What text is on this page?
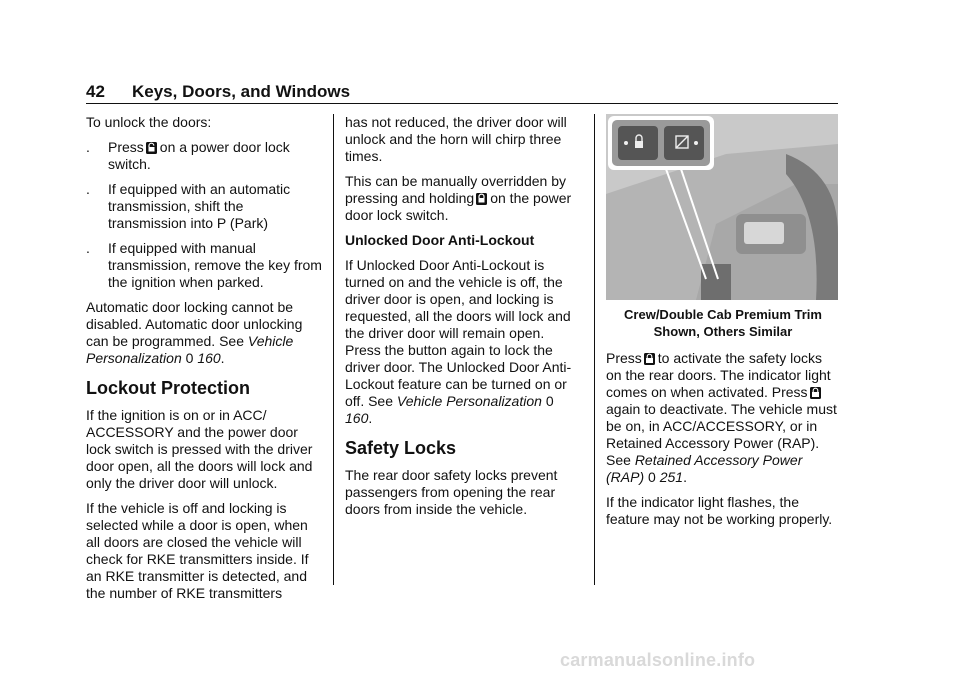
42 Keys, Doors, and Windows

To unlock the doors:

. Press on a power door lock switch.
. If equipped with an automatic transmission, shift the transmission into P (Park)
. If equipped with manual transmission, remove the key from the ignition when parked.

Automatic door locking cannot be disabled. Automatic door unlocking can be programmed. See Vehicle Personalization 0 160.

Lockout Protection

If the ignition is on or in ACC/ ACCESSORY and the power door lock switch is pressed with the driver door open, all the doors will lock and only the driver door will unlock.

If the vehicle is off and locking is selected while a door is open, when all doors are closed the vehicle will check for RKE transmitters inside. If an RKE transmitter is detected, and the number of RKE transmitters

has not reduced, the driver door will unlock and the horn will chirp three times.

This can be manually overridden by pressing and holding on the power door lock switch.

Unlocked Door Anti-Lockout

If Unlocked Door Anti-Lockout is turned on and the vehicle is off, the driver door is open, and locking is requested, all the doors will lock and the driver door will remain open. Press the button again to lock the driver door. The Unlocked Door Anti-Lockout feature can be turned on or off. See Vehicle Personalization 0 160.

Safety Locks

The rear door safety locks prevent passengers from opening the rear doors from inside the vehicle.

Crew/Double Cab Premium Trim
Shown, Others Similar

Press to activate the safety locks on the rear doors. The indicator light comes on when activated. Pressagain to deactivate. The vehicle must be on, in ACC/ACCESSORY, or in Retained Accessory Power (RAP). See Retained Accessory Power (RAP) 0 251.

If the indicator light flashes, the feature may not be working properly.

carmanualsonline.info
